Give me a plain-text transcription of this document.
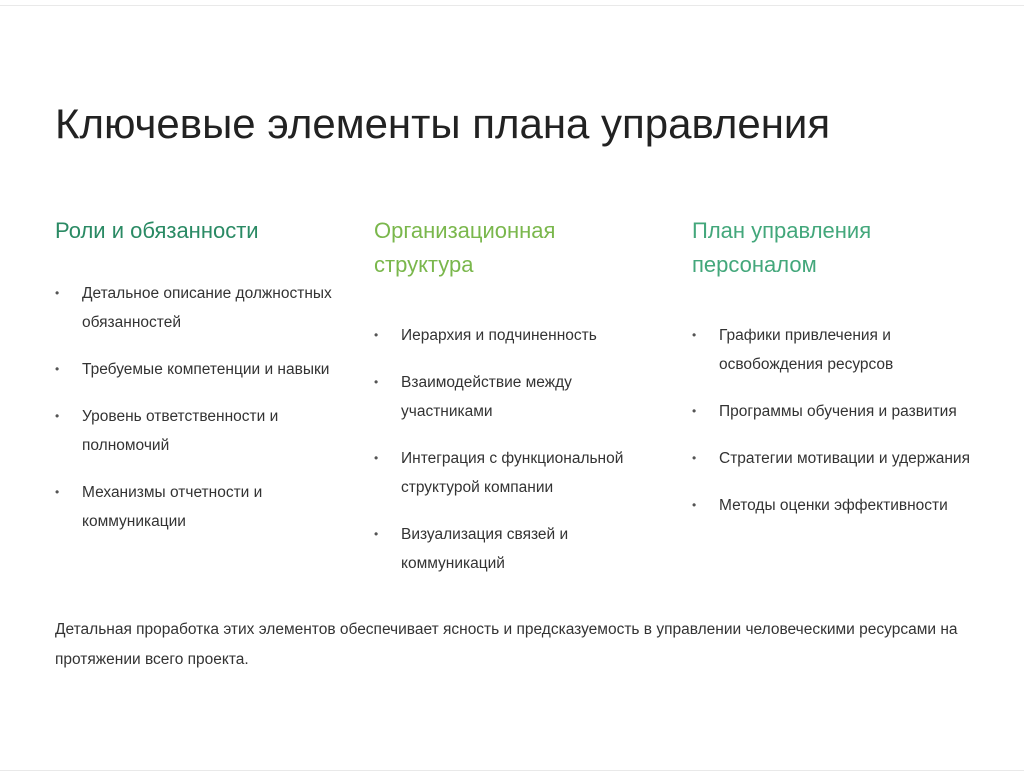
Ключевые элементы плана управления
Роли и обязанности
• Детальное описание должностных обязанностей
• Требуемые компетенции и навыки
• Уровень ответственности и полномочий
• Механизмы отчетности и коммуникации
Организационная
структура
• Иерархия и подчиненность
• Взаимодействие между участниками
• Интеграция с функциональной структурой компании
• Визуализация связей и коммуникаций
План управления
персоналом
• Графики привлечения и освобождения ресурсов
• Программы обучения и развития
• Стратегии мотивации и удержания
• Методы оценки эффективности

Детальная проработка этих элементов обеспечивает ясность и предсказуемость в управлении человеческими ресурсами на протяжении всего проекта.
